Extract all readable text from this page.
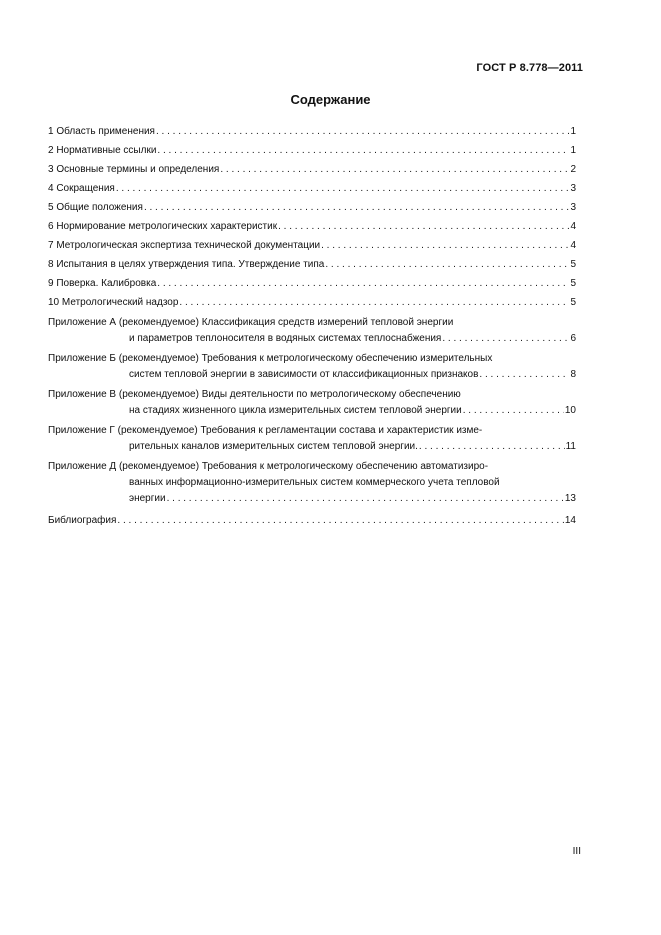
ГОСТ Р 8.778—2011
Содержание
1 Область применения . . .	1
2 Нормативные ссылки . . .	1
3 Основные термины и определения . . .	2
4 Сокращения . . .	3
5 Общие положения . . .	3
6 Нормирование метрологических характеристик . . .	4
7 Метрологическая экспертиза технической документации . . .	4
8 Испытания в целях утверждения типа. Утверждение типа . . .	5
9 Поверка. Калибровка . . .	5
10 Метрологический надзор . . .	5
Приложение А (рекомендуемое) Классификация средств измерений тепловой энергии
и параметров теплоносителя в водяных системах теплоснабжения . . .	6
Приложение Б (рекомендуемое) Требования к метрологическому обеспечению измерительных
систем тепловой энергии в зависимости от классификационных признаков . . .	8
Приложение В (рекомендуемое) Виды деятельности по метрологическому обеспечению
на стадиях жизненного цикла измерительных систем тепловой энергии . . .	10
Приложение Г (рекомендуемое) Требования к регламентации состава и характеристик изме-
рительных каналов измерительных систем тепловой энергии. . . .	11
Приложение Д (рекомендуемое) Требования к метрологическому обеспечению автоматизиро-
ванных информационно-измерительных систем коммерческого учета тепловой
энергии . . .	13
Библиография . . .	14
III
